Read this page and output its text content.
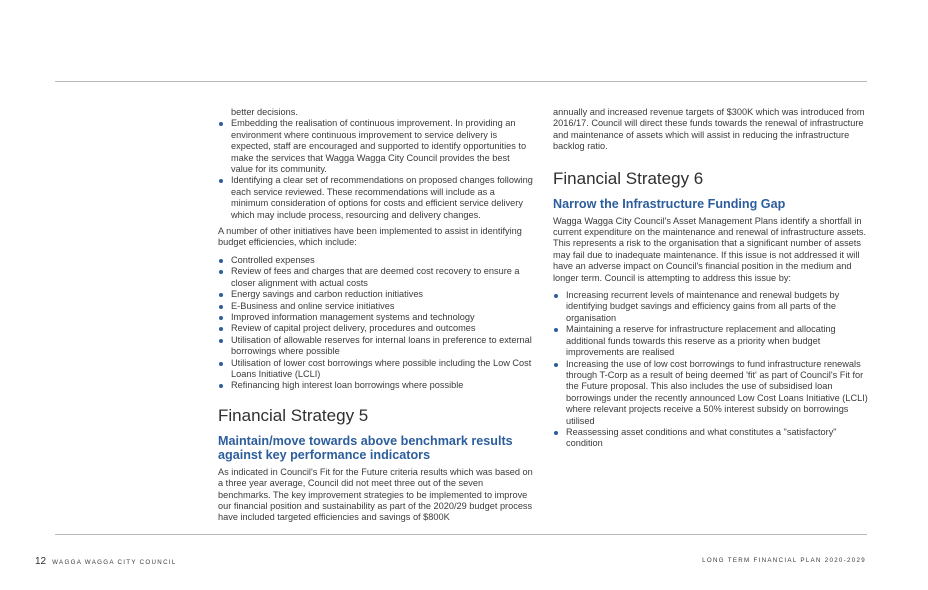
better decisions.

Embedding the realisation of continuous improvement. In providing an environment where continuous improvement to service delivery is expected, staff are encouraged and supported to identify opportunities to make the services that Wagga Wagga City Council provides the best value for its community.
Identifying a clear set of recommendations on proposed changes following each service reviewed. These recommendations will include as a minimum consideration of options for costs and efficient service delivery which may include process, resourcing and delivery changes.

A number of other initiatives have been implemented to assist in identifying budget efficiencies, which include:

Controlled expenses
Review of fees and charges that are deemed cost recovery to ensure a closer alignment with actual costs
Energy savings and carbon reduction initiatives
E-Business and online service initiatives
Improved information management systems and technology
Review of capital project delivery, procedures and outcomes
Utilisation of allowable reserves for internal loans in preference to external borrowings where possible
Utilisation of lower cost borrowings where possible including the Low Cost Loans Initiative (LCLI)
Refinancing high interest loan borrowings where possible
Financial Strategy 5
Maintain/move towards above benchmark results against key performance indicators

As indicated in Council's Fit for the Future criteria results which was based on a three year average, Council did not meet three out of the seven benchmarks. The key improvement strategies to be implemented to improve our financial position and sustainability as part of the 2020/29 budget process have included targeted efficiencies and savings of $800K

annually and increased revenue targets of $300K which was introduced from 2016/17. Council will direct these funds towards the renewal of infrastructure and maintenance of assets which will assist in reducing the infrastructure backlog ratio.

Financial Strategy 6
Narrow the Infrastructure Funding Gap

Wagga Wagga City Council's Asset Management Plans identify a shortfall in current expenditure on the maintenance and renewal of infrastructure assets. This represents a risk to the organisation that a significant number of assets may fail due to inadequate maintenance. If this issue is not addressed it will have an adverse impact on Council's financial position in the medium and longer term. Council is attempting to address this issue by:

Increasing recurrent levels of maintenance and renewal budgets by identifying budget savings and efficiency gains from all parts of the organisation
Maintaining a reserve for infrastructure replacement and allocating additional funds towards this reserve as a priority when budget improvements are realised
Increasing the use of low cost borrowings to fund infrastructure renewals through T-Corp as a result of being deemed 'fit' as part of Council's Fit for the Future proposal. This also includes the use of subsidised loan borrowings under the recently announced Low Cost Loans Initiative (LCLI) where relevant projects receive a 50% interest subsidy on borrowings utilised
Reassessing asset conditions and what constitutes a "satisfactory" condition
12 WAGGA WAGGA CITY COUNCIL	LONG TERM FINANCIAL PLAN 2020-2029
